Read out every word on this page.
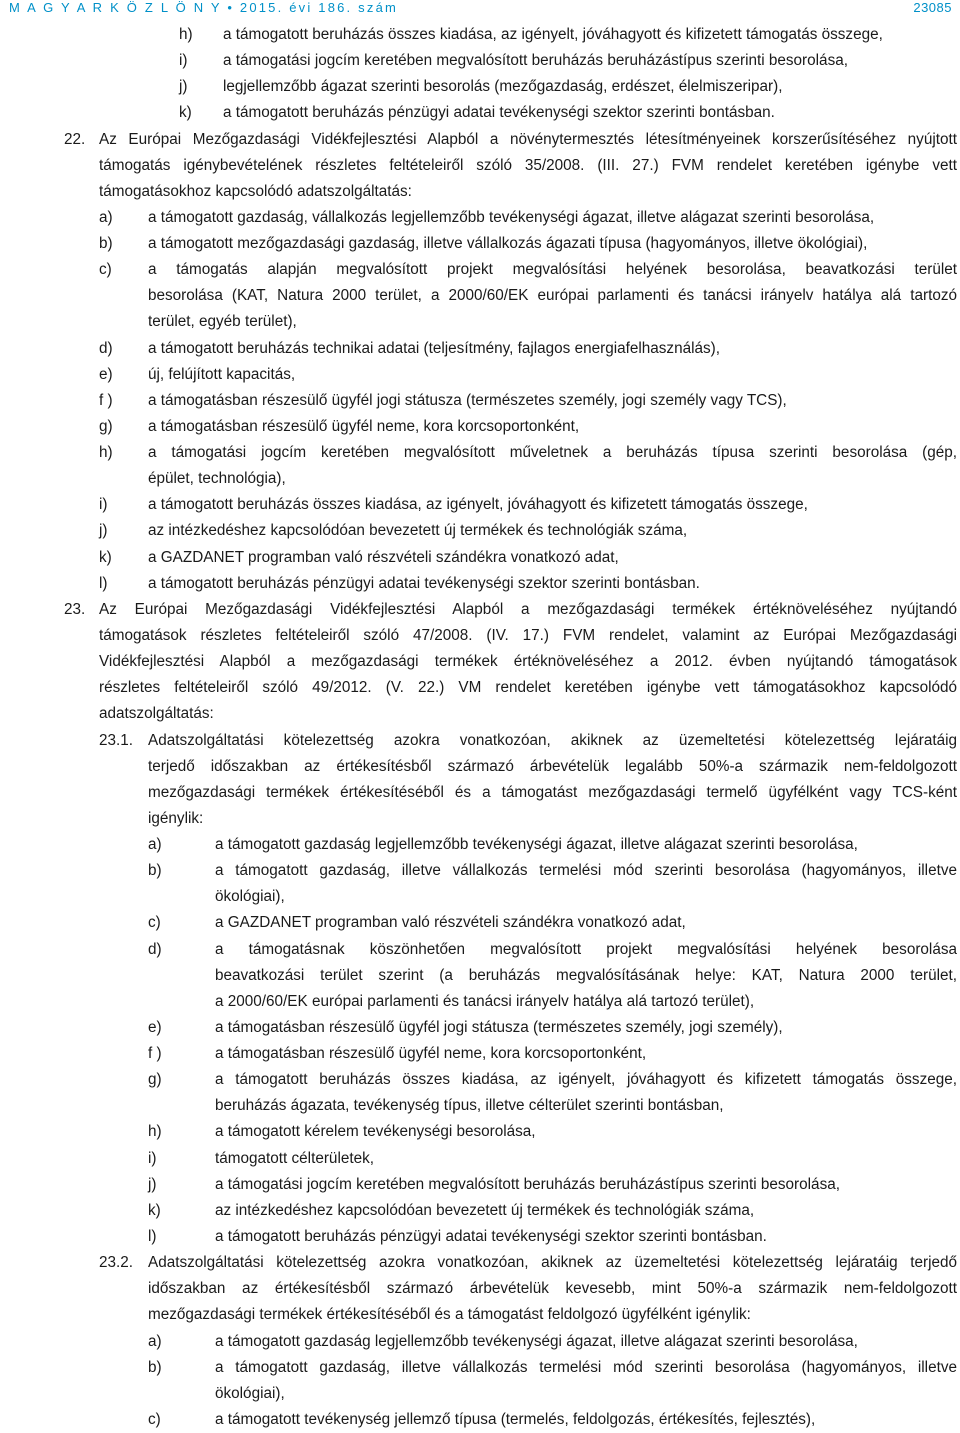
M A G Y A R K Ö Z L Ö N Y • 2015. évi 186. szám	23085
h) a támogatott beruházás összes kiadása, az igényelt, jóváhagyott és kifizetett támogatás összege,
i) a támogatási jogcím keretében megvalósított beruházás beruházástípus szerinti besorolása,
j) legjellemzőbb ágazat szerinti besorolás (mezőgazdaság, erdészet, élelmiszeripar),
k) a támogatott beruházás pénzügyi adatai tevékenységi szektor szerinti bontásban.
22. Az Európai Mezőgazdasági Vidékfejlesztési Alapból a növénytermesztés létesítményeinek korszerűsítéséhez nyújtott
támogatás igénybevételének részletes feltételeiről szóló 35/2008. (III. 27.) FVM rendelet keretében igénybe vett
támogatásokhoz kapcsolódó adatszolgáltatás:
a) a támogatott gazdaság, vállalkozás legjellemzőbb tevékenységi ágazat, illetve alágazat szerinti besorolása,
b) a támogatott mezőgazdasági gazdaság, illetve vállalkozás ágazati típusa (hagyományos, illetve ökológiai),
c) a támogatás alapján megvalósított projekt megvalósítási helyének besorolása, beavatkozási terület
besorolása (KAT, Natura 2000 terület, a 2000/60/EK európai parlamenti és tanácsi irányelv hatálya alá tartozó
terület, egyéb terület),
d) a támogatott beruházás technikai adatai (teljesítmény, fajlagos energiafelhasználás),
e) új, felújított kapacitás,
f ) a támogatásban részesülő ügyfél jogi státusza (természetes személy, jogi személy vagy TCS),
g) a támogatásban részesülő ügyfél neme, kora korcsoportonként,
h) a támogatási jogcím keretében megvalósított műveletnek a beruházás típusa szerinti besorolása (gép,
épület, technológia),
i)	a támogatott beruházás összes kiadása, az igényelt, jóváhagyott és kifizetett támogatás összege,
j)	az intézkedéshez kapcsolódóan bevezetett új termékek és technológiák száma,
k) a GAZDANET programban való részvételi szándékra vonatkozó adat,
l)	a támogatott beruházás pénzügyi adatai tevékenységi szektor szerinti bontásban.
23. Az Európai Mezőgazdasági Vidékfejlesztési Alapból a mezőgazdasági termékek értéknöveléséhez nyújtandó
támogatások részletes feltételeiről szóló 47/2008. (IV. 17.) FVM rendelet, valamint az Európai Mezőgazdasági
Vidékfejlesztési Alapból a mezőgazdasági termékek értéknöveléséhez a 2012. évben nyújtandó támogatások
részletes feltételeiről szóló 49/2012. (V. 22.) VM rendelet keretében igénybe vett támogatásokhoz kapcsolódó
adatszolgáltatás:
23.1. Adatszolgáltatási kötelezettség azokra vonatkozóan, akiknek az üzemeltetési kötelezettség lejáratáig
terjedő időszakban az értékesítésből származó árbevételük legalább 50%-a származik nem-feldolgozott
mezőgazdasági termékek értékesítéséből és a támogatást mezőgazdasági termelő ügyfélként vagy TCS-ként
igénylik:
a)	a támogatott gazdaság legjellemzőbb tevékenységi ágazat, illetve alágazat szerinti besorolása,
b)	a támogatott gazdaság, illetve vállalkozás termelési mód szerinti besorolása (hagyományos, illetve
ökológiai),
c)	a GAZDANET programban való részvételi szándékra vonatkozó adat,
d)	a támogatásnak köszönhetően megvalósított projekt megvalósítási helyének besorolása
beavatkozási terület szerint (a beruházás megvalósításának helye: KAT, Natura 2000 terület,
a 2000/60/EK európai parlamenti és tanácsi irányelv hatálya alá tartozó terület),
e)	a támogatásban részesülő ügyfél jogi státusza (természetes személy, jogi személy),
f )	a támogatásban részesülő ügyfél neme, kora korcsoportonként,
g)	a támogatott beruházás összes kiadása, az igényelt, jóváhagyott és kifizetett támogatás összege,
beruházás ágazata, tevékenység típus, illetve célterület szerinti bontásban,
h)	a támogatott kérelem tevékenységi besorolása,
i)	támogatott célterületek,
j)	a támogatási jogcím keretében megvalósított beruházás beruházástípus szerinti besorolása,
k)	az intézkedéshez kapcsolódóan bevezetett új termékek és technológiák száma,
l)	a támogatott beruházás pénzügyi adatai tevékenységi szektor szerinti bontásban.
23.2. Adatszolgáltatási kötelezettség azokra vonatkozóan, akiknek az üzemeltetési kötelezettség lejáratáig terjedő
időszakban az értékesítésből származó árbevételük kevesebb, mint 50%-a származik nem-feldolgozott
mezőgazdasági termékek értékesítéséből és a támogatást feldolgozó ügyfélként igénylik:
a)	a támogatott gazdaság legjellemzőbb tevékenységi ágazat, illetve alágazat szerinti besorolása,
b)	a támogatott gazdaság, illetve vállalkozás termelési mód szerinti besorolása (hagyományos, illetve
ökológiai),
c)	a támogatott tevékenység jellemző típusa (termelés, feldolgozás, értékesítés, fejlesztés),
